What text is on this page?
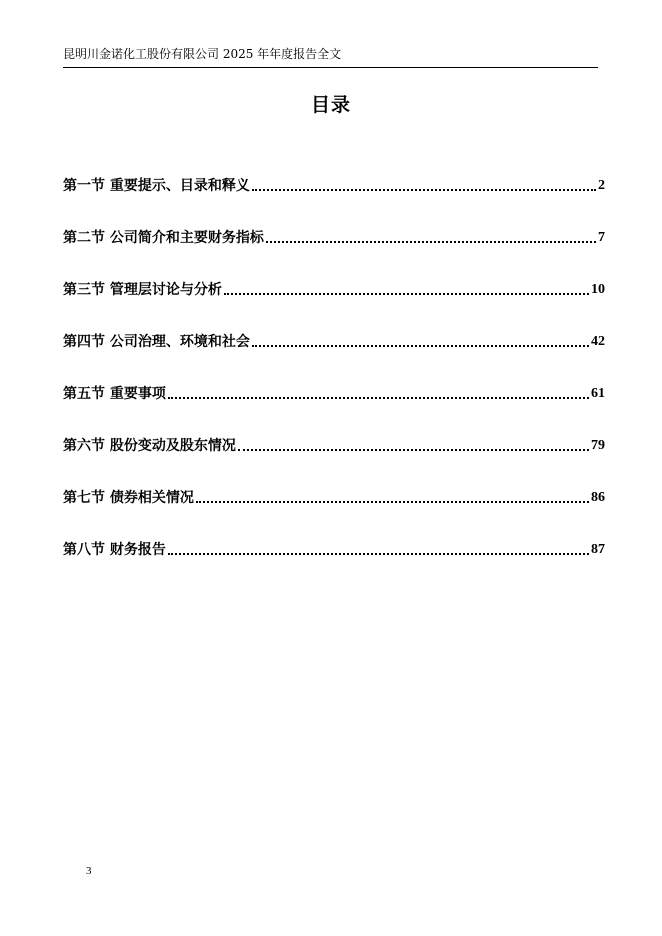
昆明川金诺化工股份有限公司 2025 年年度报告全文
目录
第一节 重要提示、目录和释义	2
第二节 公司简介和主要财务指标	7
第三节 管理层讨论与分析	10
第四节 公司治理、环境和社会	42
第五节 重要事项	61
第六节 股份变动及股东情况	79
第七节 债券相关情况	86
第八节 财务报告	87
3
